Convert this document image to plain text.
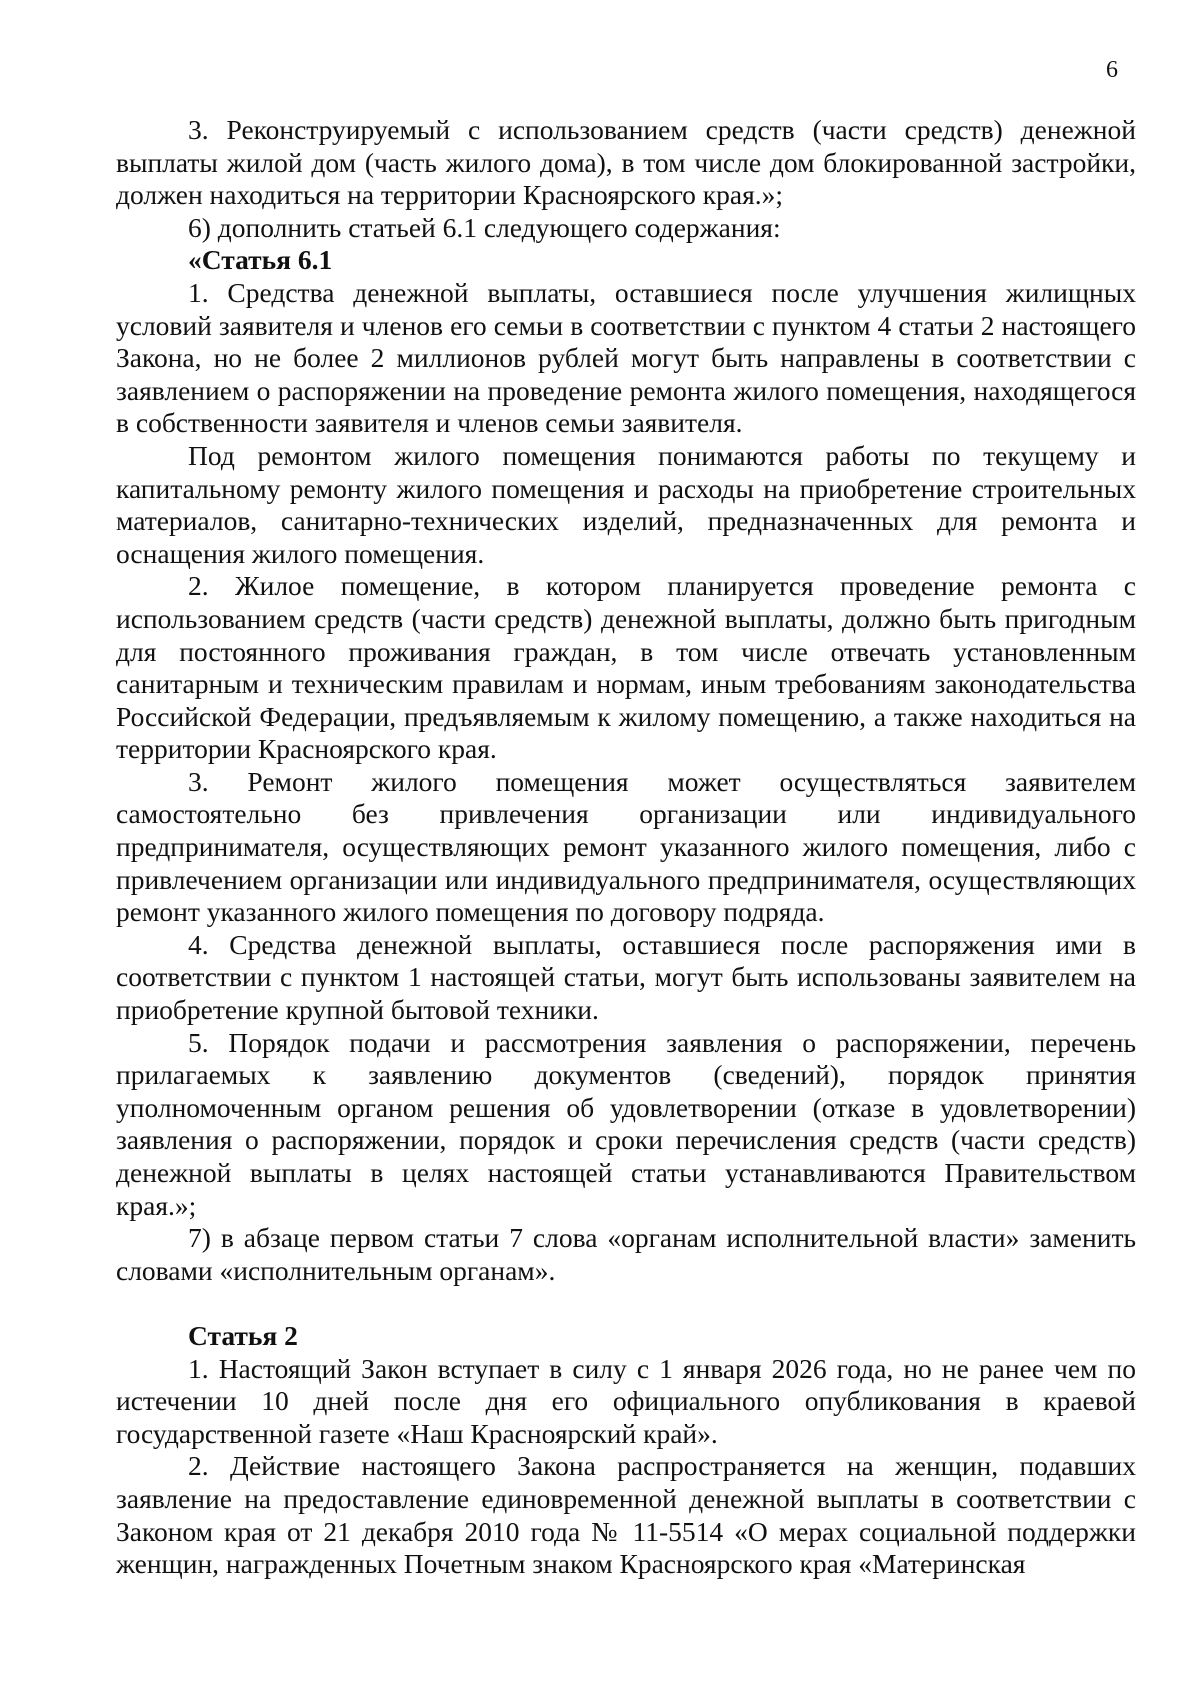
6

3. Реконструируемый с использованием средств (части средств) денежной выплаты жилой дом (часть жилого дома), в том числе дом блокированной застройки, должен находиться на территории Красноярского края.»;

6) дополнить статьей 6.1 следующего содержания:

«Статья 6.1

1. Средства денежной выплаты, оставшиеся после улучшения жилищных условий заявителя и членов его семьи в соответствии с пунктом 4 статьи 2 настоящего Закона, но не более 2 миллионов рублей могут быть направлены в соответствии с заявлением о распоряжении на проведение ремонта жилого помещения, находящегося в собственности заявителя и членов семьи заявителя.

Под ремонтом жилого помещения понимаются работы по текущему и капитальному ремонту жилого помещения и расходы на приобретение строительных материалов, санитарно-технических изделий, предназначенных для ремонта и оснащения жилого помещения.

2. Жилое помещение, в котором планируется проведение ремонта с использованием средств (части средств) денежной выплаты, должно быть пригодным для постоянного проживания граждан, в том числе отвечать установленным санитарным и техническим правилам и нормам, иным требованиям законодательства Российской Федерации, предъявляемым к жилому помещению, а также находиться на территории Красноярского края.

3. Ремонт жилого помещения может осуществляться заявителем самостоятельно без привлечения организации или индивидуального предпринимателя, осуществляющих ремонт указанного жилого помещения, либо с привлечением организации или индивидуального предпринимателя, осуществляющих ремонт указанного жилого помещения по договору подряда.

4. Средства денежной выплаты, оставшиеся после распоряжения ими в соответствии с пунктом 1 настоящей статьи, могут быть использованы заявителем на приобретение крупной бытовой техники.

5. Порядок подачи и рассмотрения заявления о распоряжении, перечень прилагаемых к заявлению документов (сведений), порядок принятия уполномоченным органом решения об удовлетворении (отказе в удовлетворении) заявления о распоряжении, порядок и сроки перечисления средств (части средств) денежной выплаты в целях настоящей статьи устанавливаются Правительством края.»;

7) в абзаце первом статьи 7 слова «органам исполнительной власти» заменить словами «исполнительным органам».

Статья 2

1. Настоящий Закон вступает в силу с 1 января 2026 года, но не ранее чем по истечении 10 дней после дня его официального опубликования в краевой государственной газете «Наш Красноярский край».

2. Действие настоящего Закона распространяется на женщин, подавших заявление на предоставление единовременной денежной выплаты в соответствии с Законом края от 21 декабря 2010 года № 11-5514 «О мерах социальной поддержки женщин, награжденных Почетным знаком Красноярского края «Материнская
